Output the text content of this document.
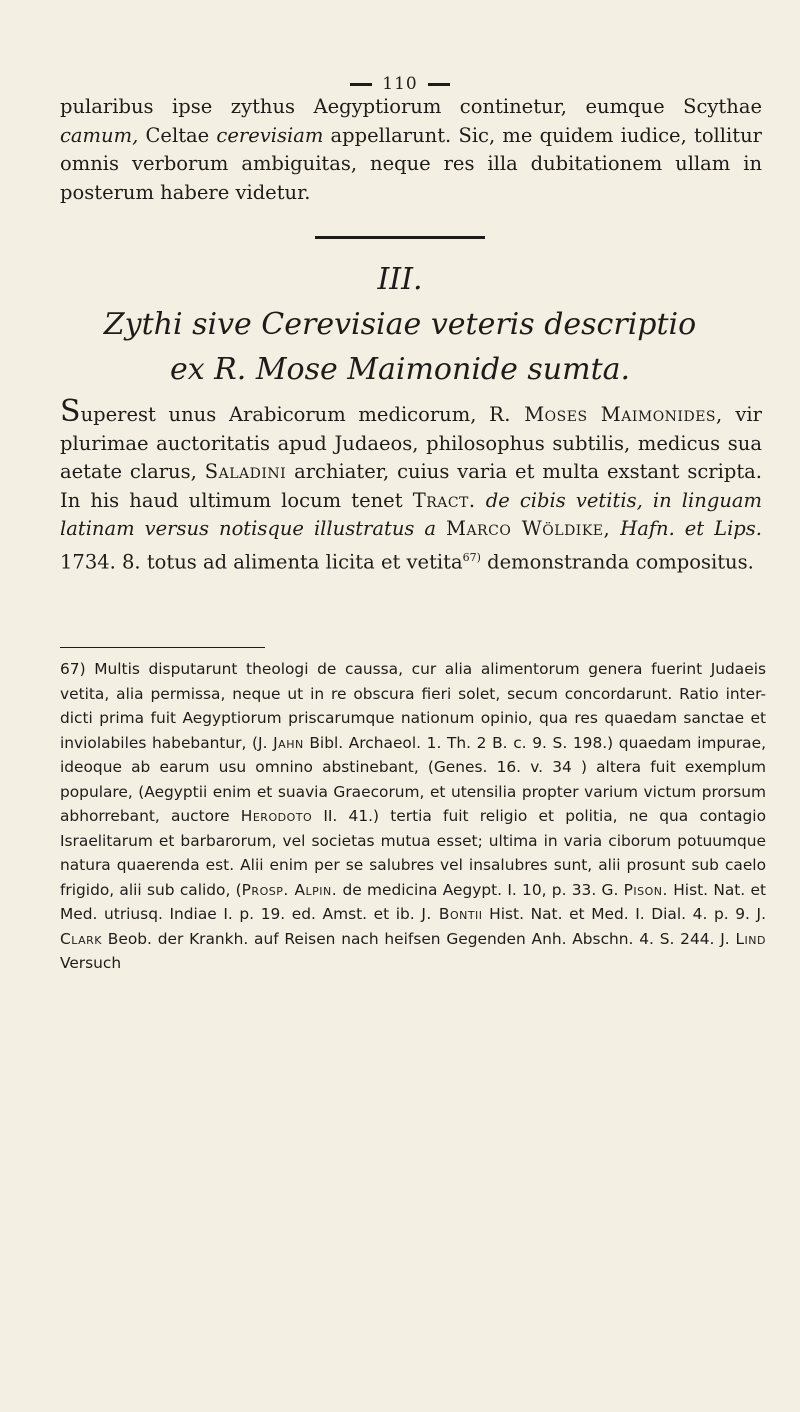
110
pularibus ipse zythus Aegyptiorum continetur, eumque Scythae camum, Celtae cerevisiam appellarunt. Sic, me quidem iudice, tollitur omnis verborum ambiguitas, neque res illa dubitationem ullam in posterum habere videtur.
III.
Zythi sive Cerevisiae veteris descriptio
ex R. Mose Maimonide sumta.
Superest unus Arabicorum medicorum, R. Moses Maimonides, vir plurimae auctoritatis apud Judaeos, philosophus subtilis, medicus sua aetate clarus, Saladini archiater, cuius varia et multa exstant scripta. In his haud ultimum locum tenet Tract. de cibis vetitis, in linguam latinam versus notisque illustratus a Marco Wöldike, Hafn. et Lips. 1734. 8. totus ad alimenta licita et vetita$^{67)}$ demonstranda compositus.
67) Multis disputarunt theologi de caussa, cur alia alimentorum genera fuerint Judaeis vetita, alia permissa, neque ut in re obscura fieri solet, secum concordarunt. Ratio inter-dicti prima fuit Aegyptiorum priscarumque nationum opinio, qua res quaedam sanctae et inviolabiles habebantur, (J. Jahn Bibl. Archaeol. 1. Th. 2 B. c. 9. S. 198.) quaedam impurae, ideoque ab earum usu omnino abstinebant, (Genes. 16. v. 34 ) altera fuit exemplum populare, (Aegyptii enim et suavia Graecorum, et utensilia propter varium victum prorsum abhorrebant, auctore Herodoto II. 41.) tertia fuit religio et politia, ne qua contagio Israelitarum et barbarorum, vel societas mutua esset; ultima in varia ciborum potuumque natura quaerenda est. Alii enim per se salubres vel insalubres sunt, alii prosunt sub caelo frigido, alii sub calido, (Prosp. Alpin. de medicina Aegypt. I. 10, p. 33. G. Pison. Hist. Nat. et Med. utriusq. Indiae I. p. 19. ed. Amst. et ib. J. Bontii Hist. Nat. et Med. I. Dial. 4. p. 9. J. Clark Beob. der Krankh. auf Reisen nach heifsen Gegenden Anh. Abschn. 4. S. 244. J. Lind Versuch
